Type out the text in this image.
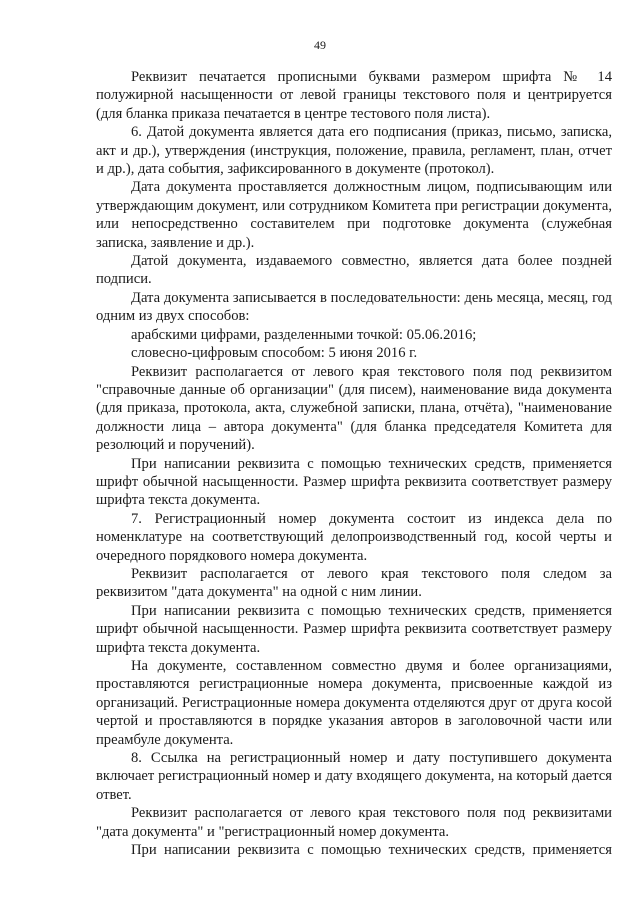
49

Реквизит печатается прописными буквами размером шрифта № 14 полужирной насыщенности от левой границы текстового поля и центрируется (для бланка приказа печатается в центре тестового поля листа).

6. Датой документа является дата его подписания (приказ, письмо, записка, акт и др.), утверждения (инструкция, положение, правила, регламент, план, отчет и др.), дата события, зафиксированного в документе (протокол).

Дата документа проставляется должностным лицом, подписывающим или утверждающим документ, или сотрудником Комитета при регистрации документа, или непосредственно составителем при подготовке документа (служебная записка, заявление и др.).

Датой документа, издаваемого совместно, является дата более поздней подписи.

Дата документа записывается в последовательности: день месяца, месяц, год одним из двух способов:

арабскими цифрами, разделенными точкой: 05.06.2016;

словесно-цифровым способом: 5 июня 2016 г.

Реквизит располагается от левого края текстового поля под реквизитом "справочные данные об организации" (для писем), наименование вида документа (для приказа, протокола, акта, служебной записки, плана, отчёта), "наименование должности лица – автора документа" (для бланка председателя Комитета для резолюций и поручений).

При написании реквизита с помощью технических средств, применяется шрифт обычной насыщенности. Размер шрифта реквизита соответствует размеру шрифта текста документа.

7. Регистрационный номер документа состоит из индекса дела по номенклатуре на соответствующий делопроизводственный год, косой черты и очередного порядкового номера документа.

Реквизит располагается от левого края текстового поля следом за реквизитом "дата документа" на одной с ним линии.

При написании реквизита с помощью технических средств, применяется шрифт обычной насыщенности. Размер шрифта реквизита соответствует размеру шрифта текста документа.

На документе, составленном совместно двумя и более организациями, проставляются регистрационные номера документа, присвоенные каждой из организаций. Регистрационные номера документа отделяются друг от друга косой чертой и проставляются в порядке указания авторов в заголовочной части или преамбуле документа.

8. Ссылка на регистрационный номер и дату поступившего документа включает регистрационный номер и дату входящего документа, на который дается ответ.

Реквизит располагается от левого края текстового поля под реквизитами "дата документа" и "регистрационный номер документа.

При написании реквизита с помощью технических средств, применяется
